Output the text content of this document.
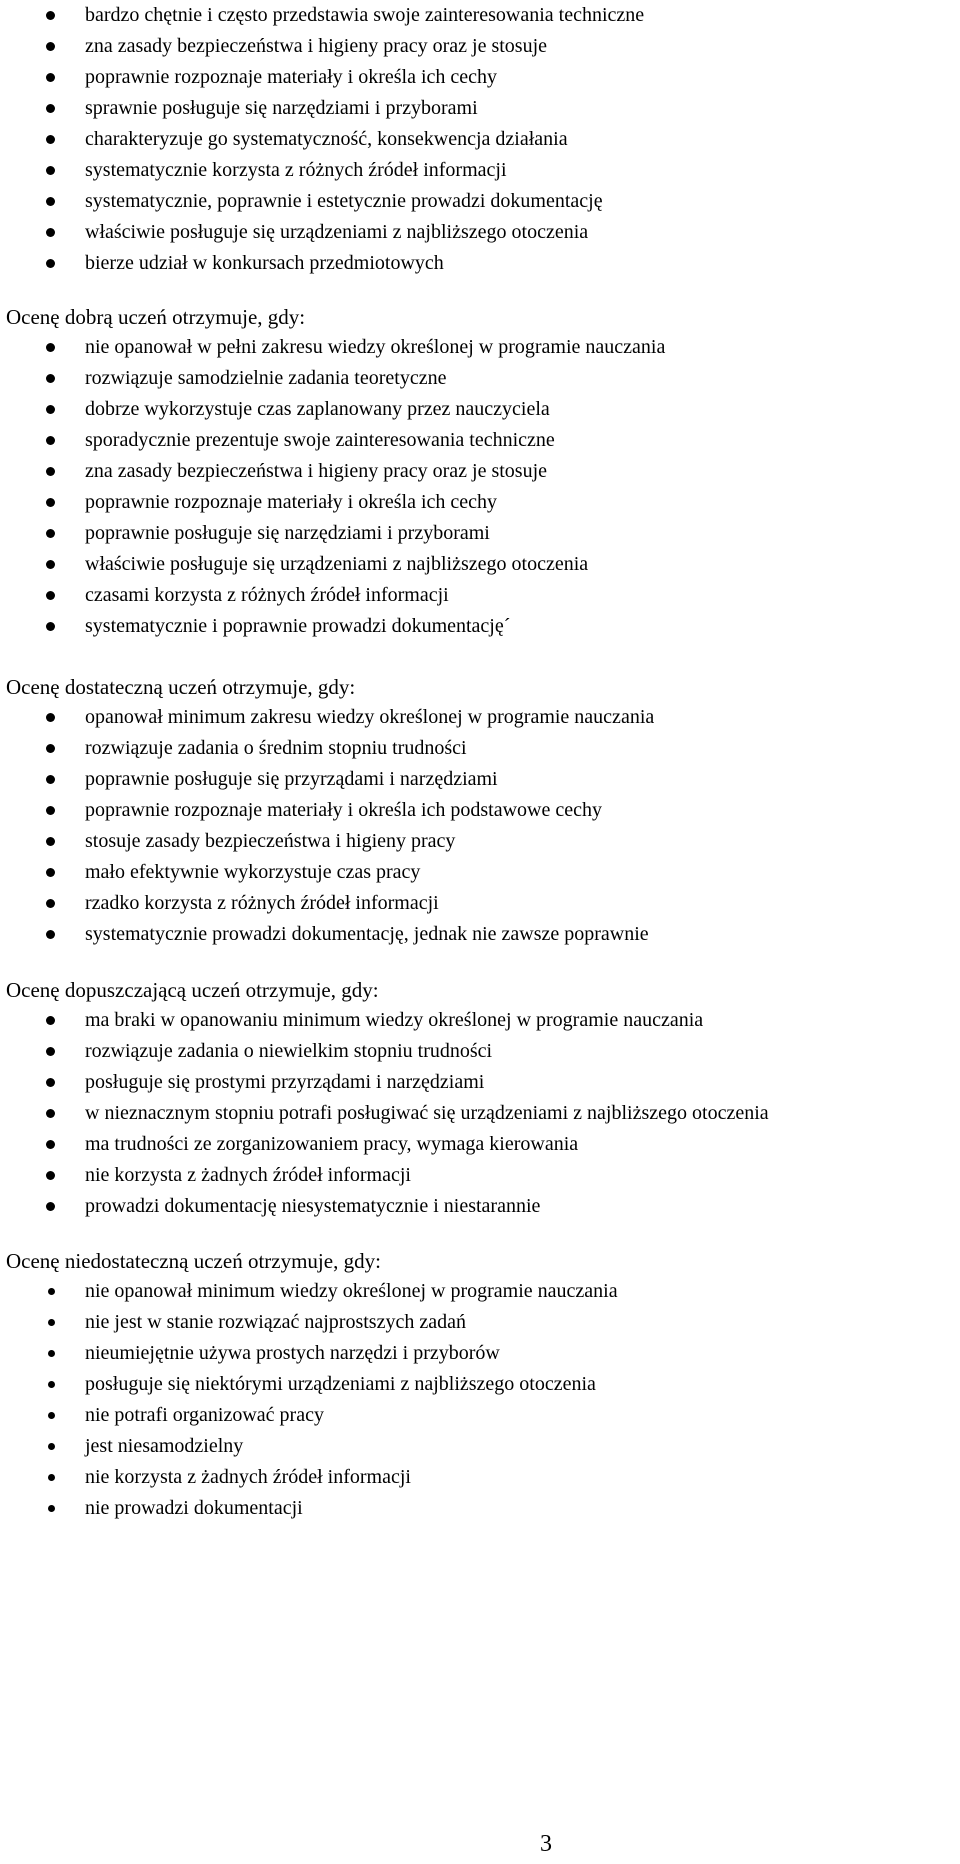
bardzo chętnie i często przedstawia swoje zainteresowania techniczne
zna zasady bezpieczeństwa i higieny pracy oraz je stosuje
poprawnie rozpoznaje materiały i określa ich cechy
sprawnie posługuje się narzędziami i przyborami
charakteryzuje go systematyczność, konsekwencja działania
systematycznie korzysta z różnych źródeł informacji
systematycznie, poprawnie i estetycznie prowadzi dokumentację
właściwie posługuje się urządzeniami z najbliższego otoczenia
bierze udział w konkursach przedmiotowych
Ocenę dobrą uczeń otrzymuje, gdy:
nie opanował w pełni zakresu wiedzy określonej w programie nauczania
rozwiązuje samodzielnie zadania teoretyczne
dobrze wykorzystuje czas zaplanowany przez nauczyciela
sporadycznie prezentuje swoje zainteresowania techniczne
zna zasady bezpieczeństwa i higieny pracy oraz je stosuje
poprawnie rozpoznaje materiały i określa ich cechy
poprawnie posługuje się narzędziami i przyborami
właściwie posługuje się urządzeniami z najbliższego otoczenia
czasami korzysta z różnych źródeł informacji
systematycznie i poprawnie prowadzi dokumentację´
Ocenę dostateczną uczeń otrzymuje, gdy:
opanował minimum zakresu wiedzy określonej w programie nauczania
rozwiązuje zadania o średnim stopniu trudności
poprawnie posługuje się przyrządami i narzędziami
poprawnie rozpoznaje materiały i określa ich podstawowe cechy
stosuje zasady bezpieczeństwa i higieny pracy
mało efektywnie wykorzystuje czas pracy
rzadko korzysta z różnych źródeł informacji
systematycznie prowadzi dokumentację, jednak nie zawsze poprawnie
Ocenę dopuszczającą uczeń otrzymuje, gdy:
ma braki w opanowaniu minimum wiedzy określonej w programie nauczania
rozwiązuje zadania o niewielkim stopniu trudności
posługuje się prostymi przyrządami i narzędziami
w nieznacznym stopniu potrafi posługiwać się urządzeniami z najbliższego otoczenia
ma trudności ze zorganizowaniem pracy, wymaga kierowania
nie korzysta z żadnych źródeł informacji
prowadzi dokumentację niesystematycznie i niestarannie
Ocenę niedostateczną uczeń otrzymuje, gdy:
nie opanował minimum wiedzy określonej w programie nauczania
nie jest w stanie rozwiązać najprostszych zadań
nieumiejętnie używa prostych narzędzi i przyborów
posługuje się niektórymi urządzeniami z najbliższego otoczenia
nie potrafi organizować pracy
jest niesamodzielny
nie korzysta z żadnych źródeł informacji
nie prowadzi dokumentacji
3
